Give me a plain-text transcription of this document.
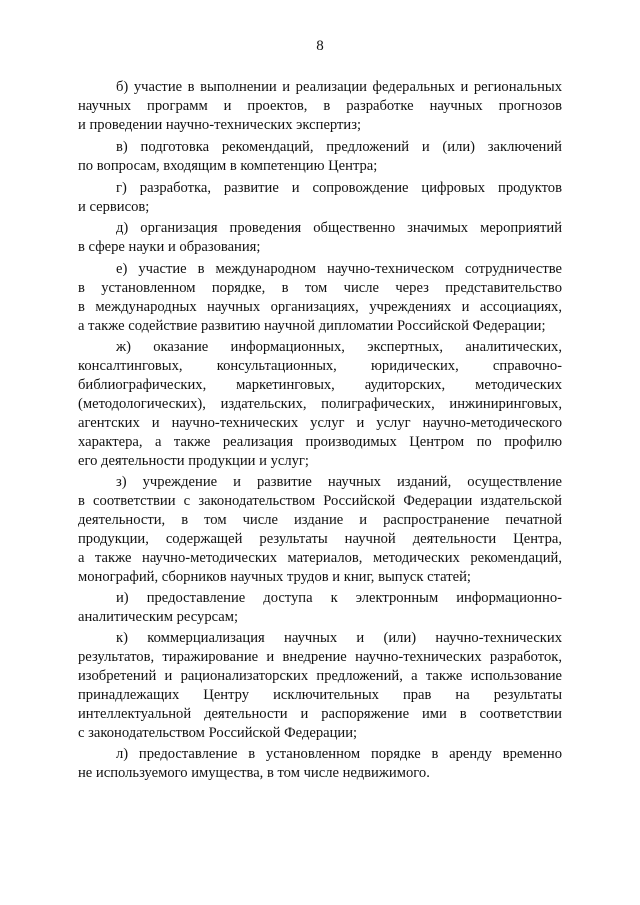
8
б) участие в выполнении и реализации федеральных и региональных
научных программ и проектов, в разработке научных прогнозов
и проведении научно-технических экспертиз;
в) подготовка рекомендаций, предложений и (или) заключений
по вопросам, входящим в компетенцию Центра;
г) разработка, развитие и сопровождение цифровых продуктов
и сервисов;
д) организация проведения общественно значимых мероприятий
в сфере науки и образования;
е) участие в международном научно-техническом сотрудничестве
в установленном порядке, в том числе через представительство
в международных научных организациях, учреждениях и ассоциациях,
а также содействие развитию научной дипломатии Российской Федерации;
ж) оказание информационных, экспертных, аналитических,
консалтинговых, консультационных, юридических, справочно-
библиографических, маркетинговых, аудиторских, методических
(методологических), издательских, полиграфических, инжиниринговых,
агентских и научно-технических услуг и услуг научно-методического
характера, а также реализация производимых Центром по профилю
его деятельности продукции и услуг;
з) учреждение и развитие научных изданий, осуществление
в соответствии с законодательством Российской Федерации издательской
деятельности, в том числе издание и распространение печатной
продукции, содержащей результаты научной деятельности Центра,
а также научно-методических материалов, методических рекомендаций,
монографий, сборников научных трудов и книг, выпуск статей;
и) предоставление доступа к электронным информационно-
аналитическим ресурсам;
к) коммерциализация научных и (или) научно-технических
результатов, тиражирование и внедрение научно-технических разработок,
изобретений и рационализаторских предложений, а также использование
принадлежащих Центру исключительных прав на результаты
интеллектуальной деятельности и распоряжение ими в соответствии
с законодательством Российской Федерации;
л) предоставление в установленном порядке в аренду временно
не используемого имущества, в том числе недвижимого.
